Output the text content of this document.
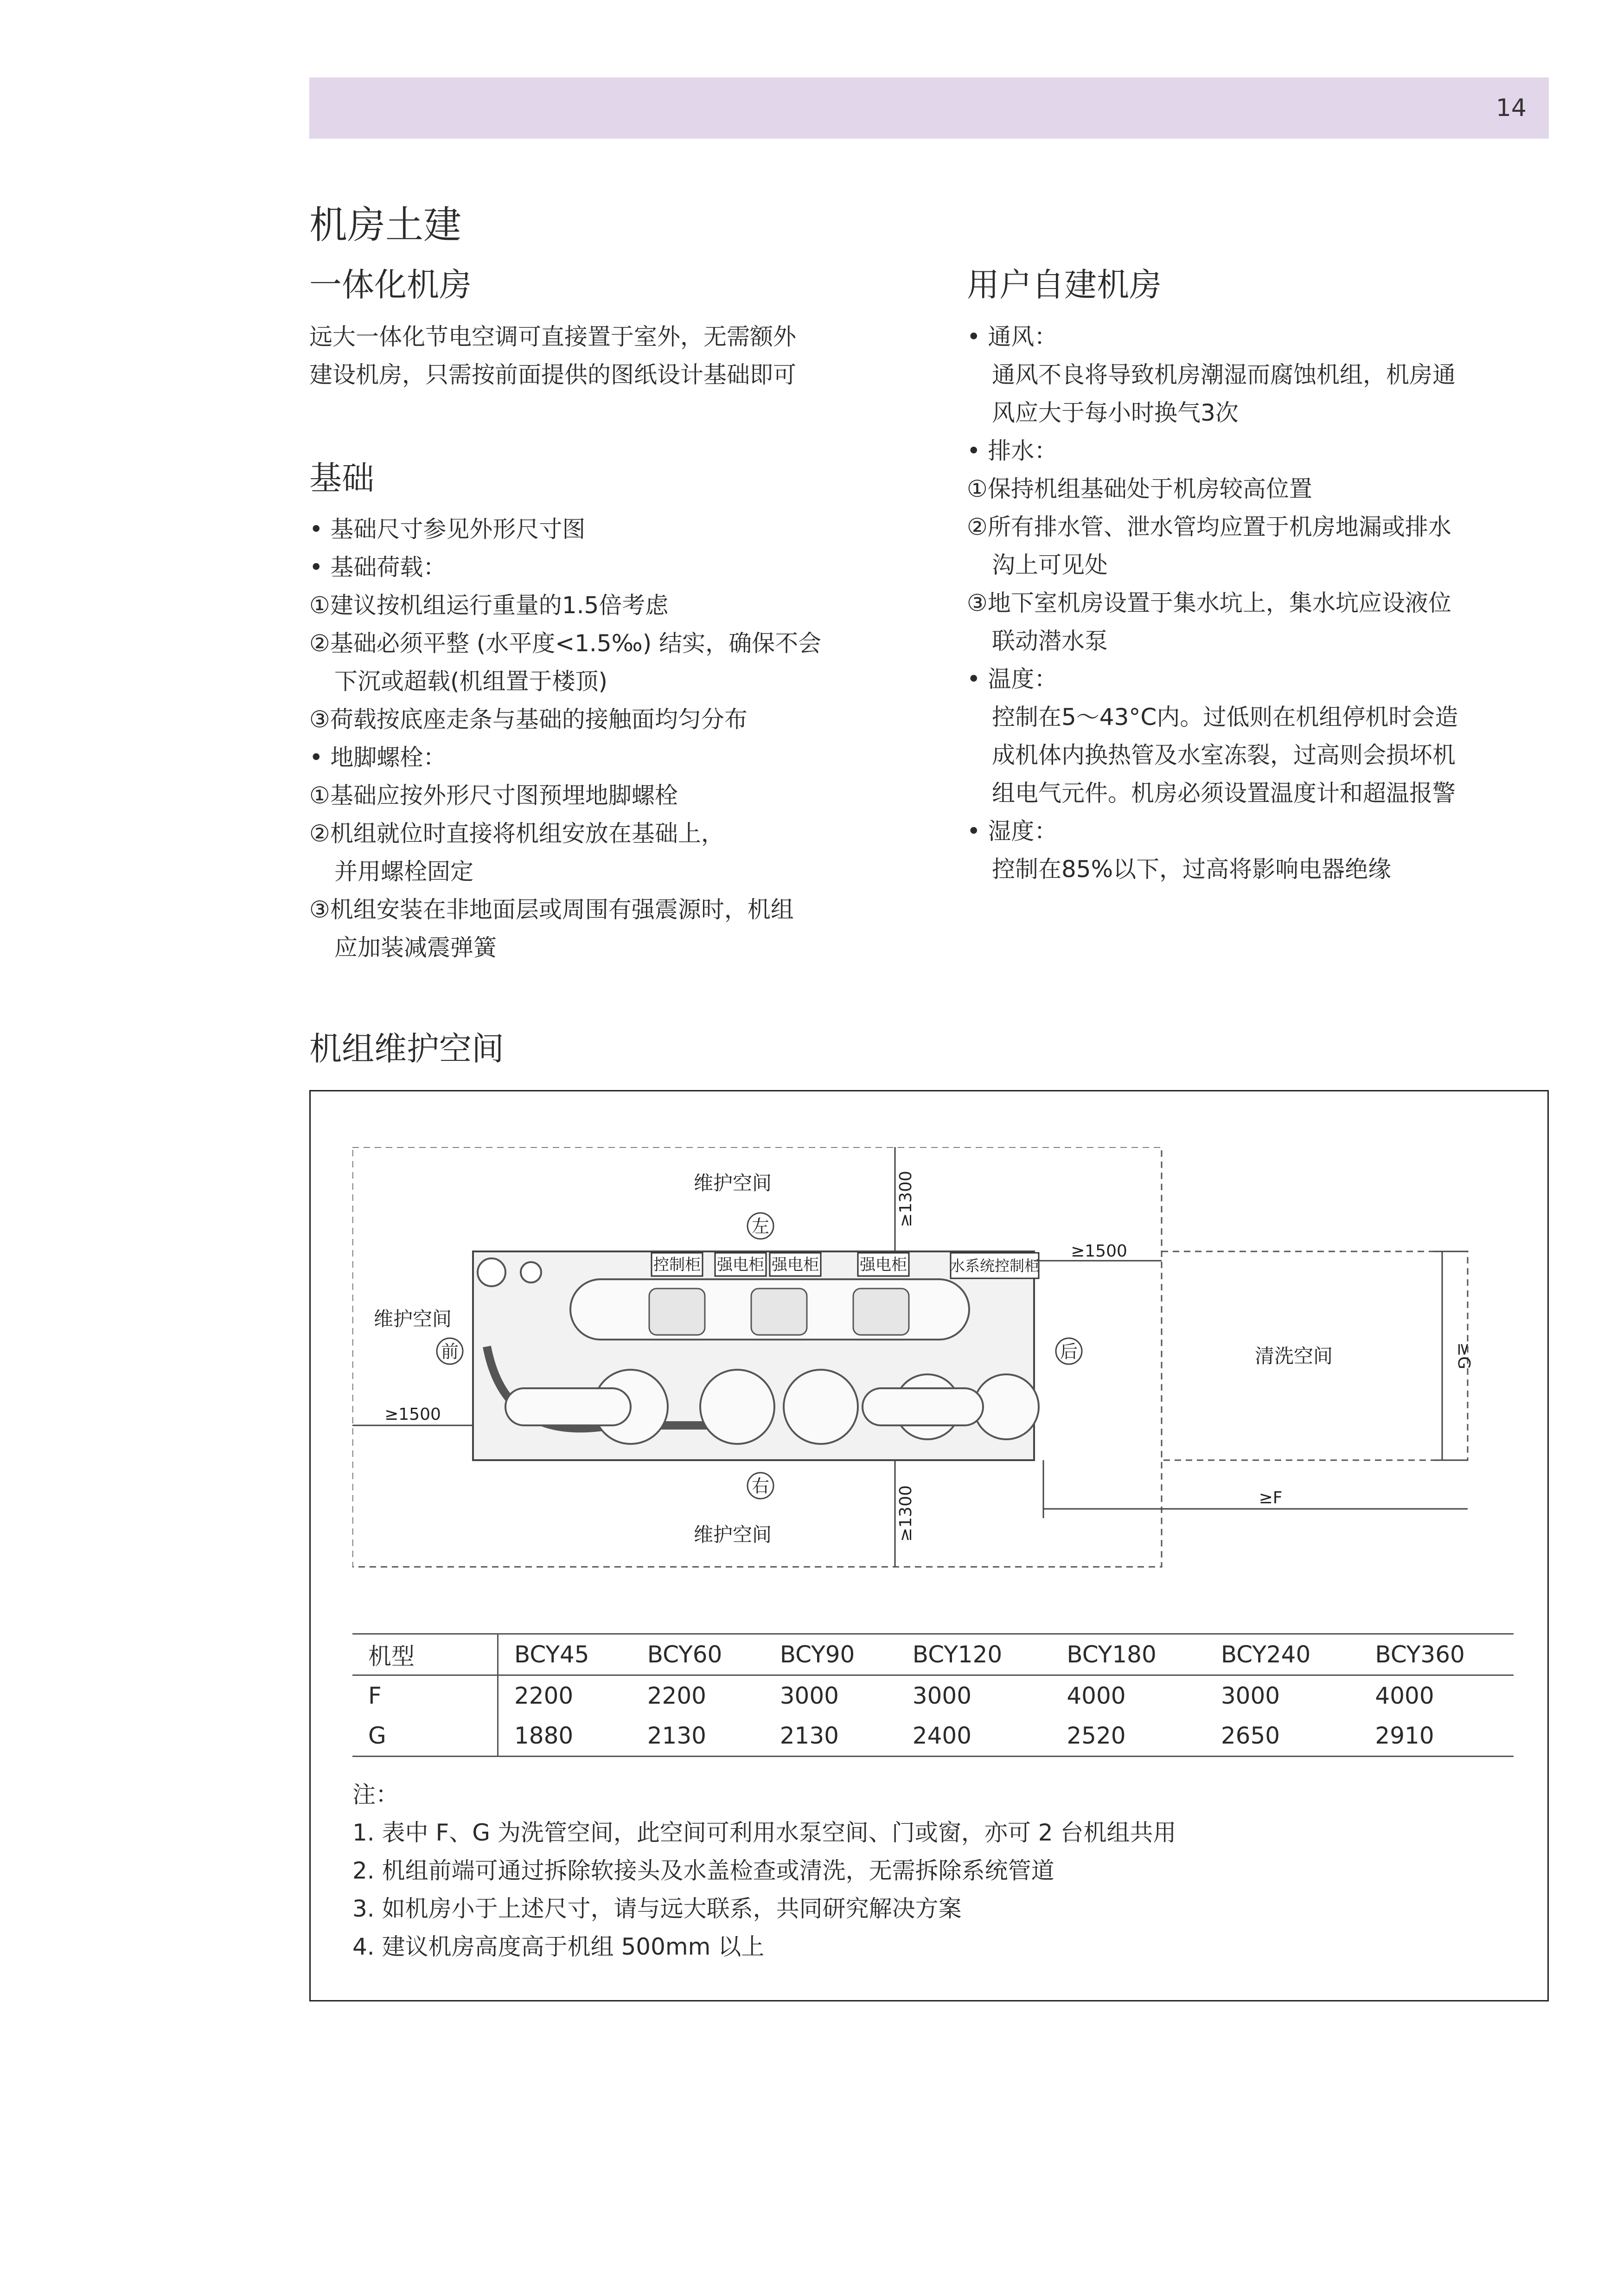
14
机房土建
一体化机房
远大一体化节电空调可直接置于室外，无需额外
建设机房，只需按前面提供的图纸设计基础即可
基础
• 基础尺寸参见外形尺寸图
• 基础荷载：
①建议按机组运行重量的1.5倍考虑
②基础必须平整 (水平度<1.5‰) 结实，确保不会
下沉或超载(机组置于楼顶)
③荷载按底座走条与基础的接触面均匀分布
• 地脚螺栓：
①基础应按外形尺寸图预埋地脚螺栓
②机组就位时直接将机组安放在基础上，
并用螺栓固定
③机组安装在非地面层或周围有强震源时，机组
应加装减震弹簧
用户自建机房
• 通风：
通风不良将导致机房潮湿而腐蚀机组，机房通
风应大于每小时换气3次
• 排水：
①保持机组基础处于机房较高位置
②所有排水管、泄水管均应置于机房地漏或排水
沟上可见处
③地下室机房设置于集水坑上，集水坑应设液位
联动潜水泵
• 温度：
控制在5～43°C内。过低则在机组停机时会造
成机体内换热管及水室冻裂，过高则会损坏机
组电气元件。机房必须设置温度计和超温报警
• 湿度：
控制在85%以下，过高将影响电器绝缘
机组维护空间
控制柜 强电柜 强电柜	强电柜	水系统控制柜
维护空间
维护空间
维护空间
清洗空间
左
右
前	后
≥1300
≥1300
≥1500
≥1500
≥F
≥G
机型	BCY45	BCY60	BCY90	BCY120	BCY180	BCY240	BCY360
F	2200	2200	3000	3000	4000	3000	4000
G	1880	2130	2130	2400	2520	2650	2910
注：
1. 表中 F、G 为洗管空间，此空间可利用水泵空间、门或窗，亦可 2 台机组共用
2. 机组前端可通过拆除软接头及水盖检查或清洗，无需拆除系统管道
3. 如机房小于上述尺寸，请与远大联系，共同研究解决方案
4. 建议机房高度高于机组 500mm 以上
